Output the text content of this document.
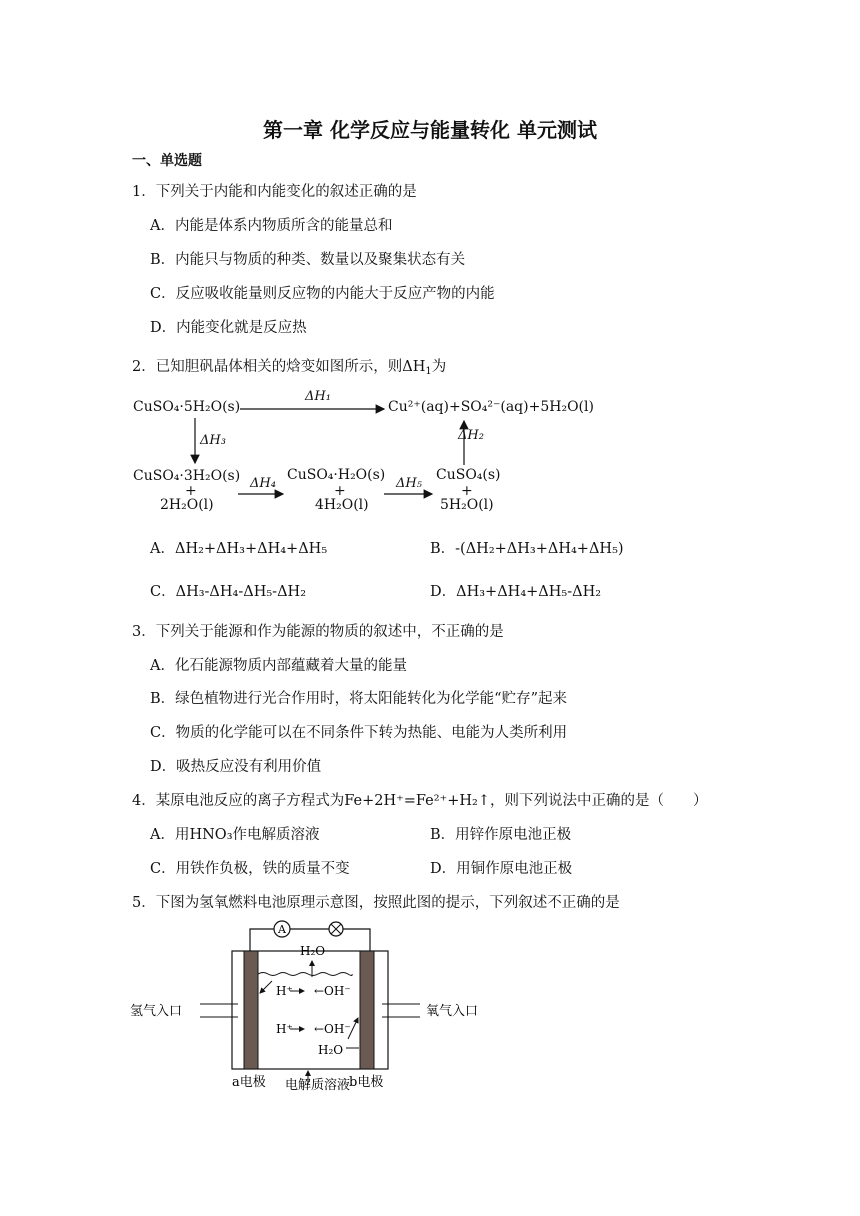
第一章 化学反应与能量转化 单元测试
一、单选题
1．下列关于内能和内能变化的叙述正确的是
A．内能是体系内物质所含的能量总和
B．内能只与物质的种类、数量以及聚集状态有关
C．反应吸收能量则反应物的内能大于反应产物的内能
D．内能变化就是反应热
2．已知胆矾晶体相关的焓变如图所示，则$\Delta H_1$为
CuSO₄·5H₂O(s)	Cu²⁺(aq)+SO₄²⁻(aq)+5H₂O(l)
ΔH₁
ΔH₃	ΔH₂
CuSO₄·3H₂O(s)
+
2H₂O(l)
ΔH₄
CuSO₄·H₂O(s)
+
4H₂O(l)
ΔH₅
CuSO₄(s)
+
5H₂O(l)
A．ΔH₂+ΔH₃+ΔH₄+ΔH₅	B．-(ΔH₂+ΔH₃+ΔH₄+ΔH₅)
C．ΔH₃-ΔH₄-ΔH₅-ΔH₂	D．ΔH₃+ΔH₄+ΔH₅-ΔH₂
3．下列关于能源和作为能源的物质的叙述中，不正确的是
A．化石能源物质内部蕴藏着大量的能量
B．绿色植物进行光合作用时，将太阳能转化为化学能“贮存”起来
C．物质的化学能可以在不同条件下转为热能、电能为人类所利用
D．吸热反应没有利用价值
4．某原电池反应的离子方程式为Fe+2H⁺=Fe²⁺+H₂↑，则下列说法中正确的是（　　）
A．用HNO₃作电解质溶液	B．用锌作原电池正极
C．用铁作负极，铁的质量不变	D．用铜作原电池正极
5．下图为氢氧燃料电池原理示意图，按照此图的提示，下列叙述不正确的是
A
H₂O
H⁺ ←OH⁻
H⁺ ←OH⁻
H₂O
氢气入口	氧气入口
a电极 电解质溶液
b电极
